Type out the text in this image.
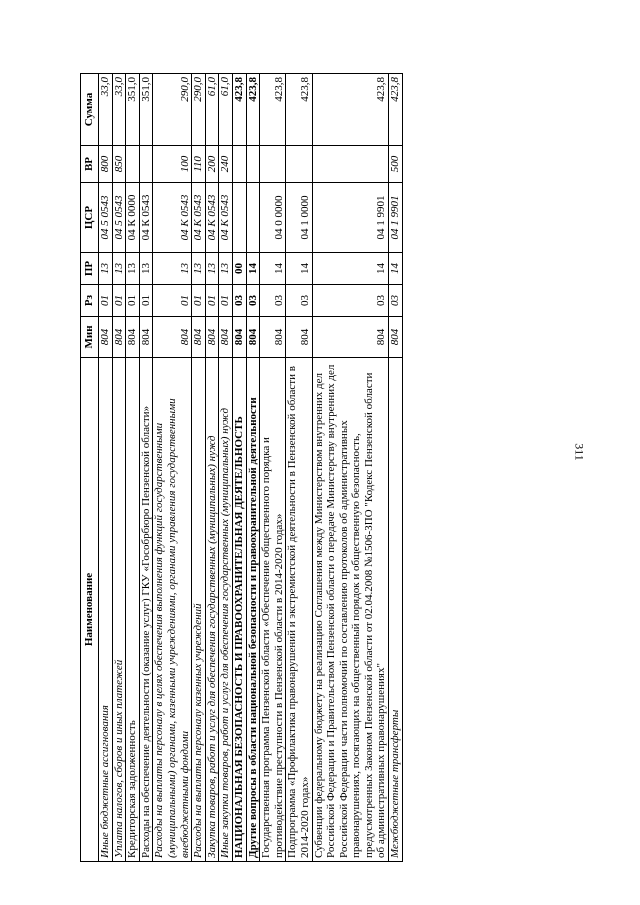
311
Наименование	Мин	Рз	ПР	ЦСР	ВР	Сумма
Иные бюджетные ассигнования	804	01	13	04 5 0543	800	33,0
Уплата налогов, сборов и иных платежей	804	01	13	04 5 0543	850	33,0
Кредиторская задолженность	804	01	13	04 К 0000		351,0
Расходы на обеспечение деятельности (оказание услуг) ГКУ «Гособрбюро Пензенской области»	804	01	13	04 К 0543		351,0
Расходы на выплаты персоналу в целях обеспечения выполнения функций государственными (муниципальными) органами, казенными учреждениями, органами управления государственными внебюджетными фондами	804	01	13	04 К 0543	100	290,0
Расходы на выплаты персоналу казенных учреждений	804	01	13	04 К 0543	110	290,0
Закупка товаров, работ и услуг для обеспечения государственных (муниципальных) нужд	804	01	13	04 К 0543	200	61,0
Иные закупки товаров, работ и услуг для обеспечения государственных (муниципальных) нужд	804	01	13	04 К 0543	240	61,0
НАЦИОНАЛЬНАЯ БЕЗОПАСНОСТЬ И ПРАВООХРАНИТЕЛЬНАЯ ДЕЯТЕЛЬНОСТЬ	804	03	00			423,8
Другие вопросы в области национальной безопасности и правоохранительной деятельности	804	03	14			423,8
Государственная программа Пензенской области «Обеспечение общественного порядка и противодействие преступности в Пензенской области в 2014-2020 годах»	804	03	14	04 0 0000		423,8
Подпрограмма «Профилактика правонарушений и экстремистской деятельности в Пензенской области в 2014-2020 годах»	804	03	14	04 1 0000		423,8
Субвенции федеральному бюджету на реализацию Соглашения между Министерством внутренних дел Российской Федерации и Правительством Пензенской области о передаче Министерству внутренних дел Российской Федерации части полномочий по составлению протоколов об административных правонарушениях, посягающих на общественный порядок и общественную безопасность, предусмотренных Законом Пензенской области от 02.04.2008 №1506-ЗПО "Кодекс Пензенской области об административных правонарушениях"	804	03	14	04 1 9901		423,8
Межбюджетные трансферты	804	03	14	04 1 9901	500	423,8
